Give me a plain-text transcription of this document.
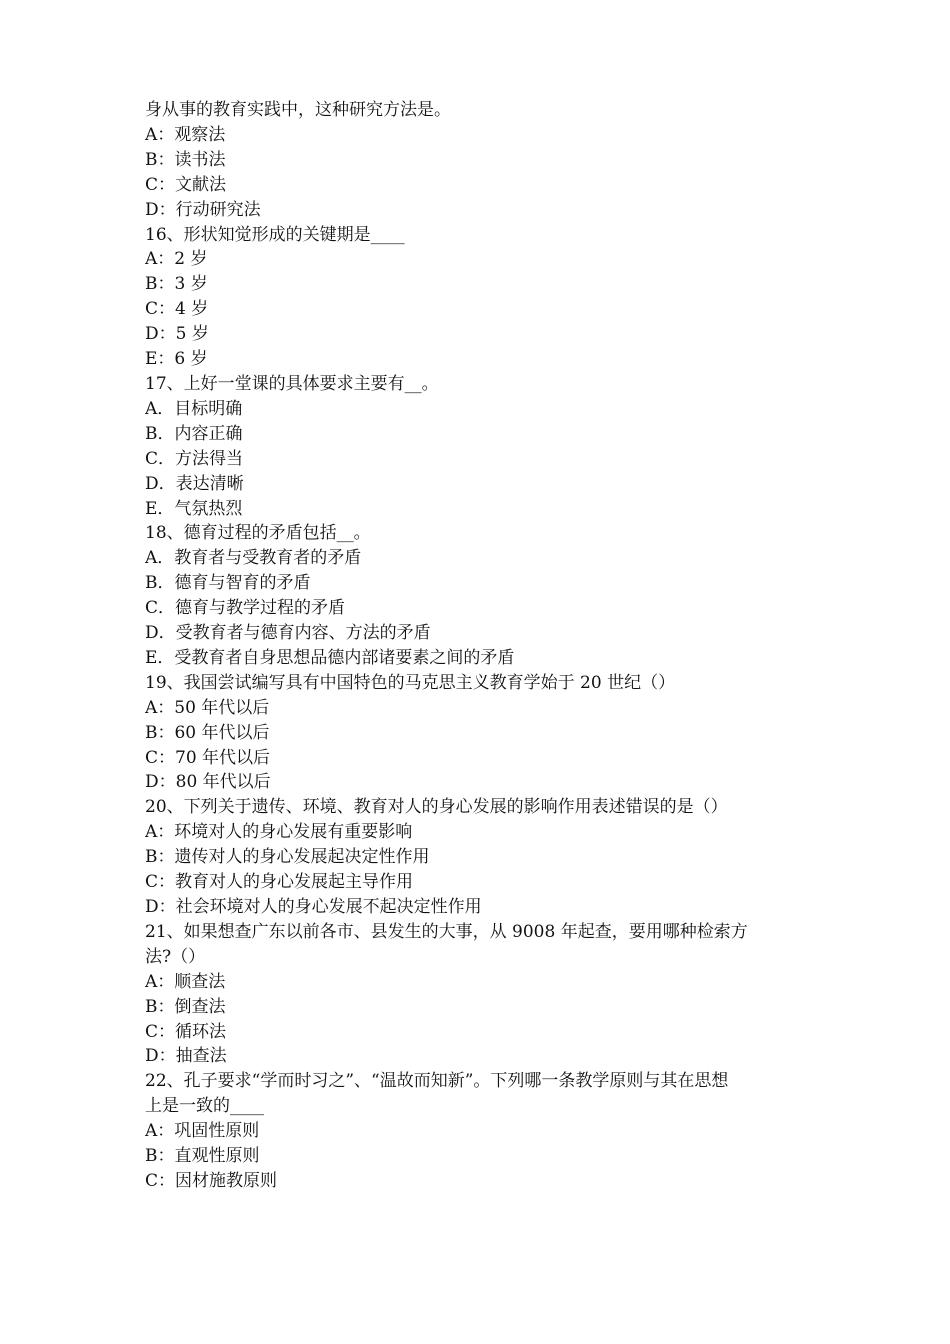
身从事的教育实践中，这种研究方法是。
A：观察法
B：读书法
C：文献法
D：行动研究法
16、形状知觉形成的关键期是____
A：2 岁
B：3 岁
C：4 岁
D：5 岁
E：6 岁
17、上好一堂课的具体要求主要有__。
A．目标明确
B．内容正确
C．方法得当
D．表达清晰
E．气氛热烈
18、德育过程的矛盾包括__。
A．教育者与受教育者的矛盾
B．德育与智育的矛盾
C．德育与教学过程的矛盾
D．受教育者与德育内容、方法的矛盾
E．受教育者自身思想品德内部诸要素之间的矛盾
19、我国尝试编写具有中国特色的马克思主义教育学始于 20 世纪（）
A：50 年代以后
B：60 年代以后
C：70 年代以后
D：80 年代以后
20、下列关于遗传、环境、教育对人的身心发展的影响作用表述错误的是（）
A：环境对人的身心发展有重要影响
B：遗传对人的身心发展起决定性作用
C：教育对人的身心发展起主导作用
D：社会环境对人的身心发展不起决定性作用
21、如果想查广东以前各市、县发生的大事，从 9008 年起查，要用哪种检索方
法?（）
A：顺查法
B：倒查法
C：循环法
D：抽查法
22、孔子要求“学而时习之”、“温故而知新”。下列哪一条教学原则与其在思想
上是一致的____
A：巩固性原则
B：直观性原则
C：因材施教原则
